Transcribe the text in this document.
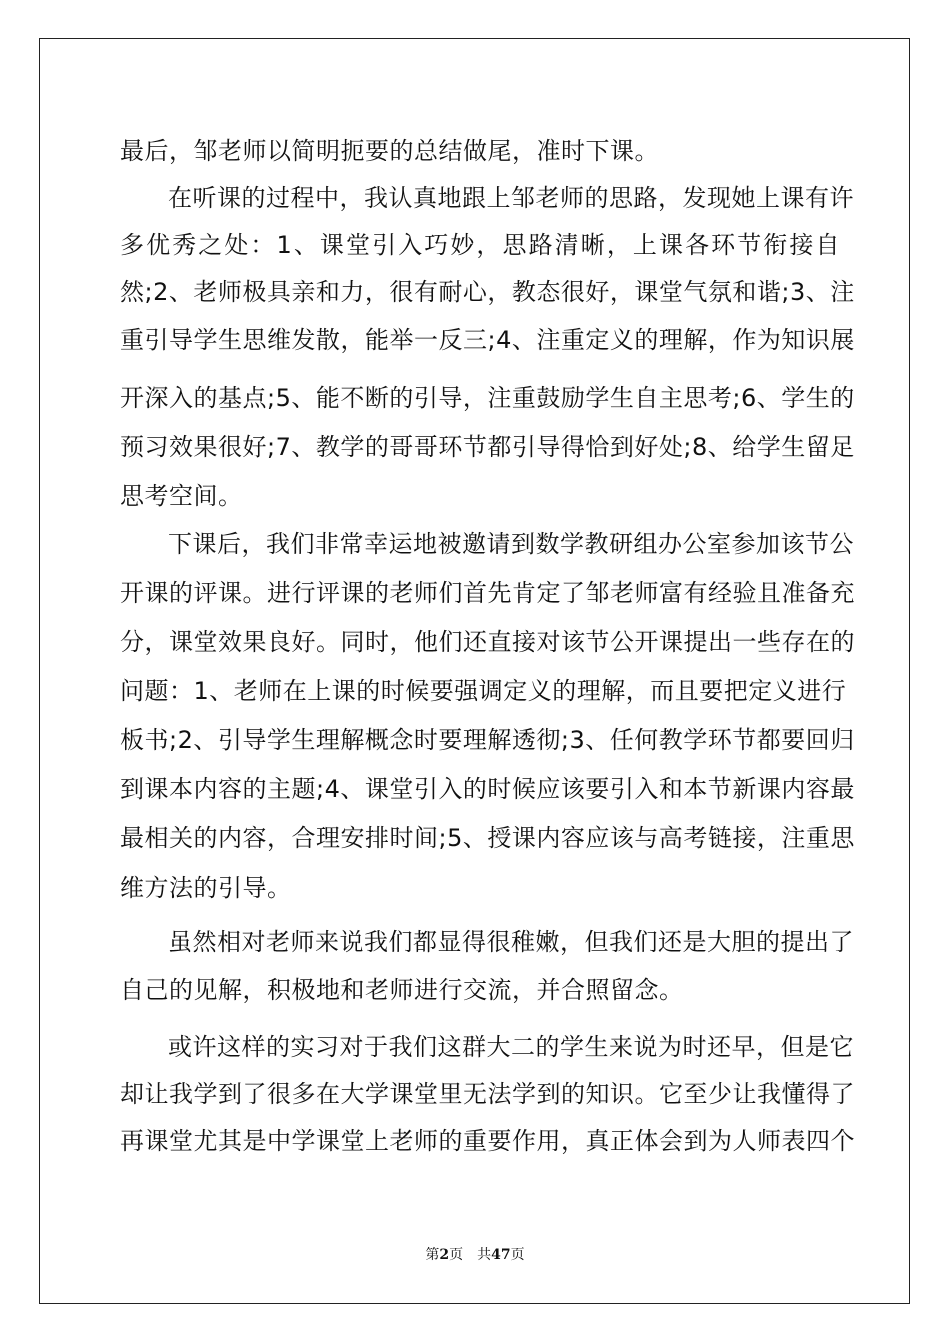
最后，邹老师以简明扼要的总结做尾，准时下课。
在听课的过程中，我认真地跟上邹老师的思路，发现她上课有许
多优秀之处：1、课堂引入巧妙，思路清晰，上课各环节衔接自
然;2、老师极具亲和力，很有耐心，教态很好，课堂气氛和谐;3、注
重引导学生思维发散，能举一反三;4、注重定义的理解，作为知识展
开深入的基点;5、能不断的引导，注重鼓励学生自主思考;6、学生的
预习效果很好;7、教学的哥哥环节都引导得恰到好处;8、给学生留足
思考空间。
下课后，我们非常幸运地被邀请到数学教研组办公室参加该节公
开课的评课。进行评课的老师们首先肯定了邹老师富有经验且准备充
分，课堂效果良好。同时，他们还直接对该节公开课提出一些存在的
问题：1、老师在上课的时候要强调定义的理解，而且要把定义进行
板书;2、引导学生理解概念时要理解透彻;3、任何教学环节都要回归
到课本内容的主题;4、课堂引入的时候应该要引入和本节新课内容最
最相关的内容，合理安排时间;5、授课内容应该与高考链接，注重思
维方法的引导。
虽然相对老师来说我们都显得很稚嫩，但我们还是大胆的提出了
自己的见解，积极地和老师进行交流，并合照留念。
或许这样的实习对于我们这群大二的学生来说为时还早，但是它
却让我学到了很多在大学课堂里无法学到的知识。它至少让我懂得了
再课堂尤其是中学课堂上老师的重要作用，真正体会到为人师表四个
第2页 共47页
